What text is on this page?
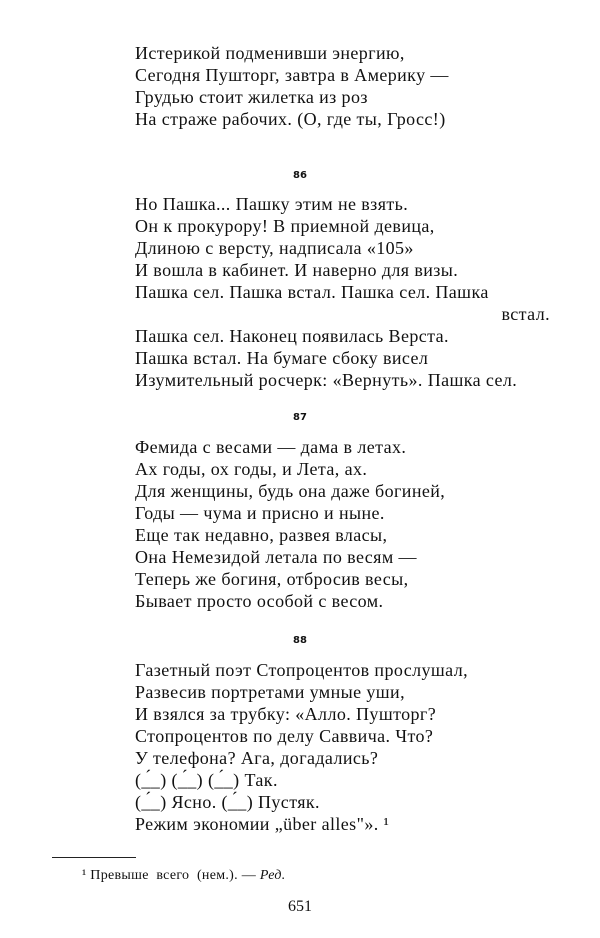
Истерикой подменивши энергию,
Сегодня Пушторг, завтра в Америку —
Грудью стоит жилетка из роз
На страже рабочих. (О, где ты, Гросс!)
86
Но Пашка... Пашку этим не взять.
Он к прокурору! В приемной девица,
Длиною с версту, надписала «105»
И вошла в кабинет. И наверно для визы.
Пашка сел. Пашка встал. Пашка сел. Пашка
встал.
Пашка сел. Наконец появилась Верста.
Пашка встал. На бумаге сбоку висел
Изумительный росчерк: «Вернуть». Пашка сел.
87
Фемида с весами — дама в летах.
Ах годы, ох годы, и Лета, ах.
Для женщины, будь она даже богиней,
Годы — чума и присно и ныне.
Еще так недавно, развея власы,
Она Немезидой летала по весям —
Теперь же богиня, отбросив весы,
Бывает просто особой с весом.
88
Газетный поэт Стопроцентов прослушал,
Развесив портретами умные уши,
И взялся за трубку: «Алло. Пушторг?
Стопроцентов по делу Саввича. Что?
У телефона? Ага, догадались?
(_́_) (_́_) (_́_) Так.
(_́_) Ясно. (_́_) Пустяк.
Режим экономии „über alles"». ¹
¹ Превыше  всего  (нем.). — Ред.
651
